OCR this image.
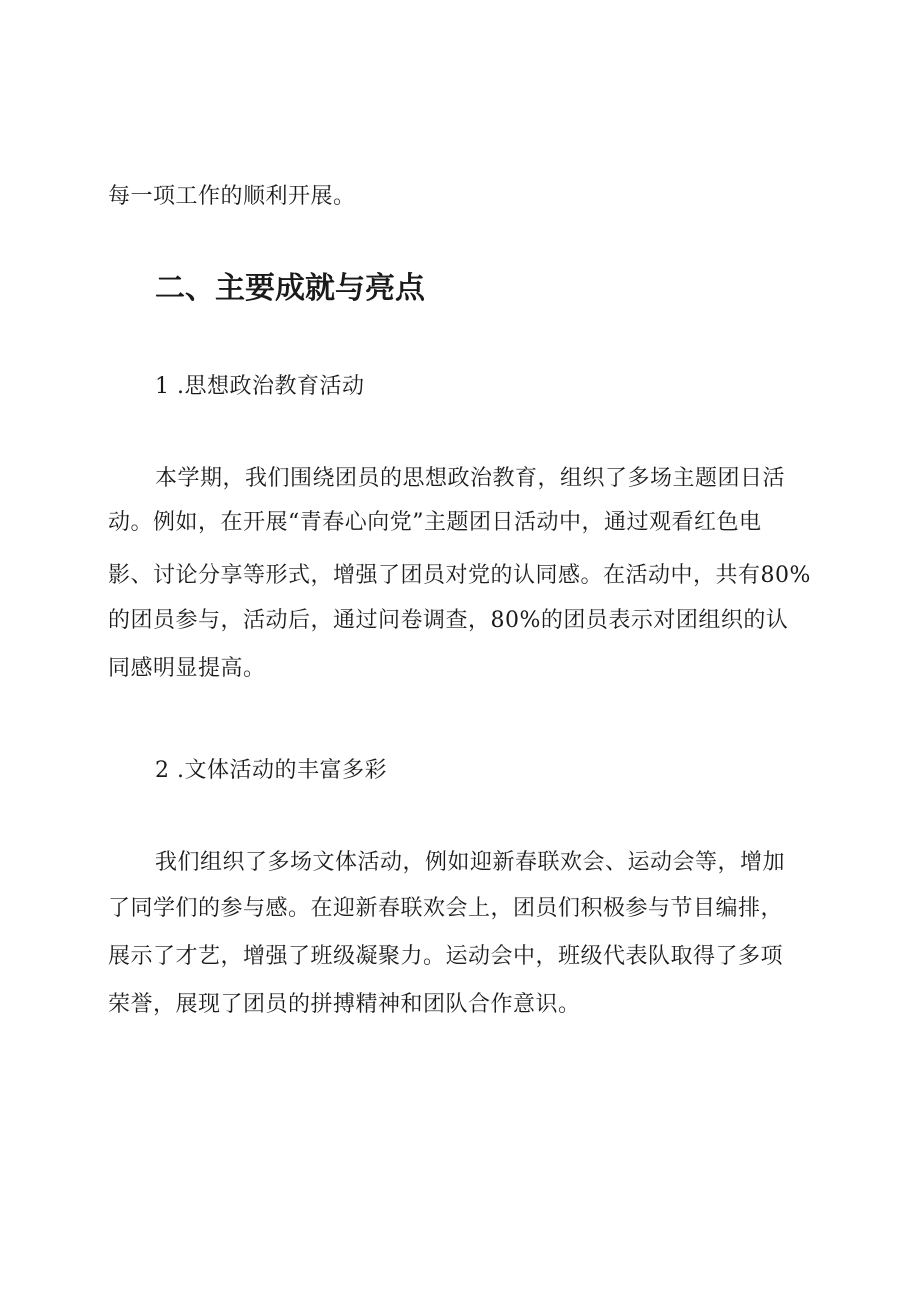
每一项工作的顺利开展。
二、主要成就与亮点
1 .思想政治教育活动
本学期，我们围绕团员的思想政治教育，组织了多场主题团日活
动。例如，在开展“青春心向党”主题团日活动中，通过观看红色电
影、讨论分享等形式，增强了团员对党的认同感。在活动中，共有80%
的团员参与，活动后，通过问卷调查，80%的团员表示对团组织的认
同感明显提高。
2 .文体活动的丰富多彩
我们组织了多场文体活动，例如迎新春联欢会、运动会等，增加
了同学们的参与感。在迎新春联欢会上，团员们积极参与节目编排，
展示了才艺，增强了班级凝聚力。运动会中，班级代表队取得了多项
荣誉，展现了团员的拼搏精神和团队合作意识。
